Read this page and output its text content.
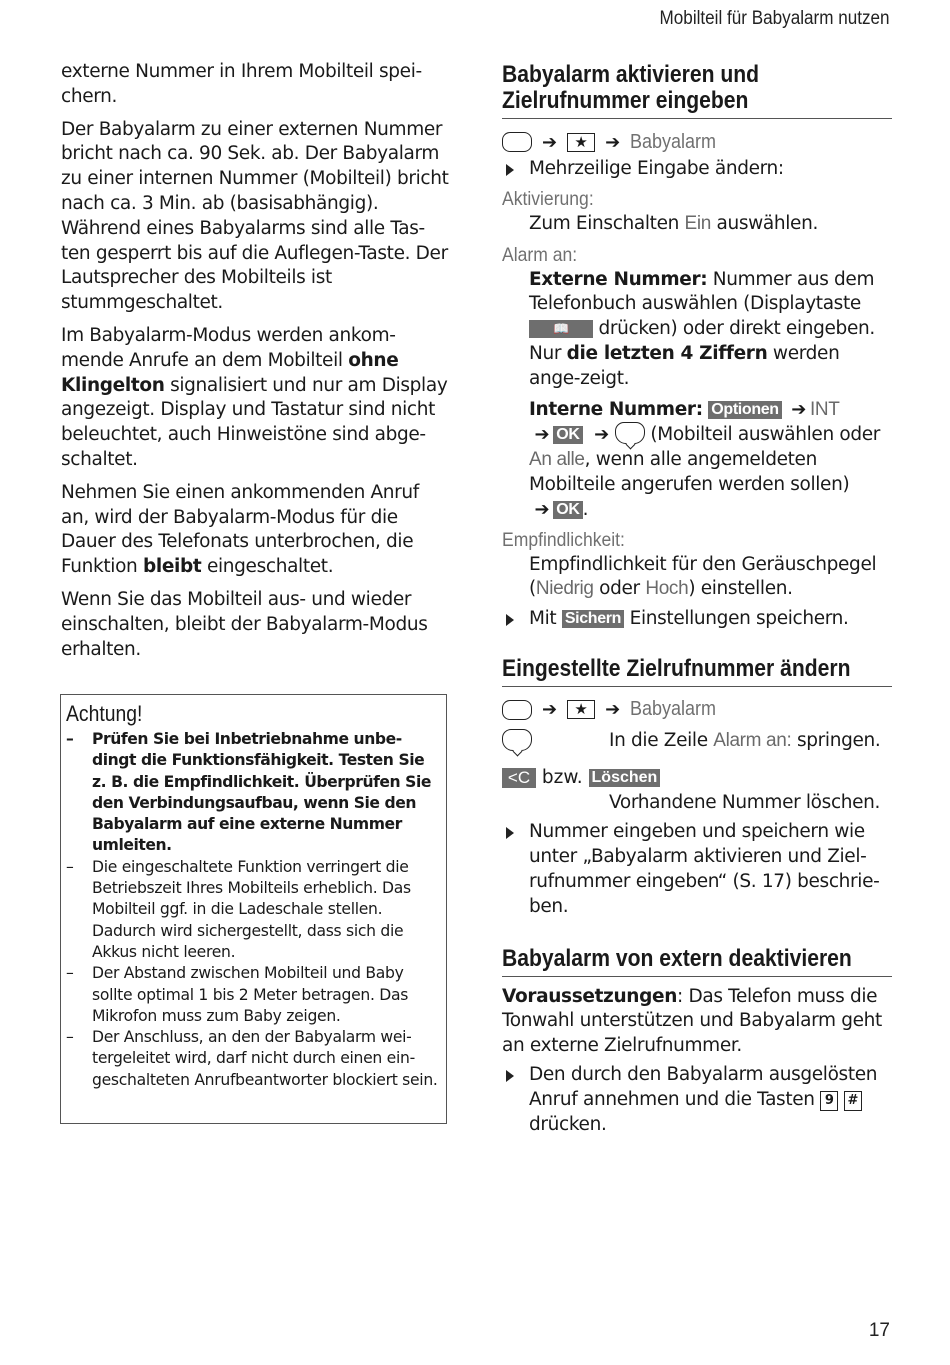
Mobilteil für Babyalarm nutzen

externe Nummer in Ihrem Mobilteil spei-chern.

Der Babyalarm zu einer externen Nummer bricht nach ca. 90 Sek. ab. Der Babyalarm zu einer internen Nummer (Mobilteil) bricht nach ca. 3 Min. ab (basisabhängig). Während eines Babyalarms sind alle Tas-ten gesperrt bis auf die Auflegen-Taste. Der Lautsprecher des Mobilteils ist stummgeschaltet.

Im Babyalarm-Modus werden ankom-mende Anrufe an dem Mobilteil ohne Klingelton signalisiert und nur am Display angezeigt. Display und Tastatur sind nicht beleuchtet, auch Hinweistöne sind abge-schaltet.

Nehmen Sie einen ankommenden Anruf an, wird der Babyalarm-Modus für die Dauer des Telefonats unterbrochen, die Funktion bleibt eingeschaltet.

Wenn Sie das Mobilteil aus- und wieder einschalten, bleibt der Babyalarm-Modus erhalten.

Achtung!

– Prüfen Sie bei Inbetriebnahme unbe-dingt die Funktionsfähigkeit. Testen Sie z. B. die Empfindlichkeit. Überprüfen Sie den Verbindungsaufbau, wenn Sie den Babyalarm auf eine externe Nummer umleiten.

– Die eingeschaltete Funktion verringert die Betriebszeit Ihres Mobilteils erheblich. Das Mobilteil ggf. in die Ladeschale stellen. Dadurch wird sichergestellt, dass sich die Akkus nicht leeren.

– Der Abstand zwischen Mobilteil und Baby sollte optimal 1 bis 2 Meter betragen. Das Mikrofon muss zum Baby zeigen.

– Der Anschluss, an den der Babyalarm wei-tergeleitet wird, darf nicht durch einen ein-geschalteten Anrufbeantworter blockiert sein.

Babyalarm aktivieren und
Zielrufnummer eingeben
➔	★ ➔ Babyalarm

Mehrzeilige Eingabe ändern:

Aktivierung:

Zum Einschalten Ein auswählen.

Alarm an:

Externe Nummer: Nummer aus dem Telefonbuch auswählen (Displaytaste 📖 drücken) oder direkt eingeben. Nur die letzten 4 Ziffern werden ange-zeigt.

Interne Nummer: Optionen ➔ INT
➔ OK ➔ (Mobilteil auswählen oder An alle, wenn alle angemeldeten Mobilteile angerufen werden sollen)
➔ OK .

Empfindlichkeit:

Empfindlichkeit für den Geräuschpegel (Niedrig oder Hoch) einstellen.

Mit Sichern Einstellungen speichern.

Eingestellte Zielrufnummer ändern
➔	★ ➔ Babyalarm
In die Zeile Alarm an: springen.
<C bzw. Löschen
Vorhandene Nummer löschen.

Nummer eingeben und speichern wie unter „Babyalarm aktivieren und Ziel-rufnummer eingeben“ (S. 17) beschrie-ben.

Babyalarm von extern deaktivieren

Voraussetzungen: Das Telefon muss die Tonwahl unterstützen und Babyalarm geht an externe Zielrufnummer.

Den durch den Babyalarm ausgelösten Anruf annehmen und die Tasten 9 #
drücken.

17
